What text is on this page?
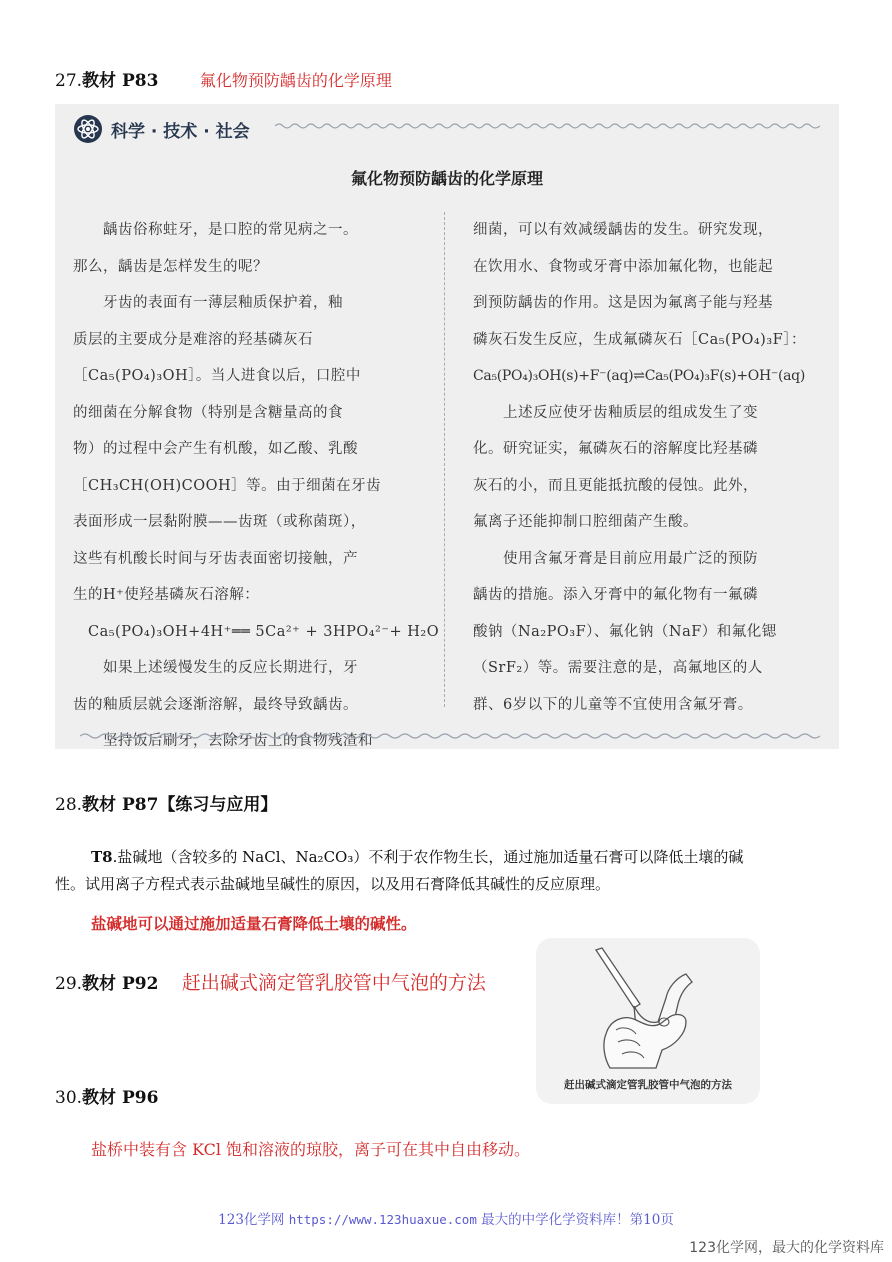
27.教材 P83	氟化物预防龋齿的化学原理
科学 · 技术 · 社会
氟化物预防龋齿的化学原理

　　龋齿俗称蛀牙，是口腔的常见病之一。

那么，龋齿是怎样发生的呢？

　　牙齿的表面有一薄层釉质保护着，釉

质层的主要成分是难溶的羟基磷灰石

［Ca₅(PO₄)₃OH］。当人进食以后，口腔中

的细菌在分解食物（特别是含糖量高的食

物）的过程中会产生有机酸，如乙酸、乳酸

［CH₃CH(OH)COOH］等。由于细菌在牙齿

表面形成一层黏附膜——齿斑（或称菌斑），

这些有机酸长时间与牙齿表面密切接触，产

生的H⁺使羟基磷灰石溶解：

　Ca₅(PO₄)₃OH+4H⁺══ 5Ca²⁺ + 3HPO₄²⁻+ H₂O

　　如果上述缓慢发生的反应长期进行，牙

齿的釉质层就会逐渐溶解，最终导致龋齿。

　　坚持饭后刷牙，去除牙齿上的食物残渣和

细菌，可以有效减缓龋齿的发生。研究发现，

在饮用水、食物或牙膏中添加氟化物，也能起

到预防龋齿的作用。这是因为氟离子能与羟基

磷灰石发生反应，生成氟磷灰石［Ca₅(PO₄)₃F］：

Ca₅(PO₄)₃OH(s)+F⁻(aq)⇌Ca₅(PO₄)₃F(s)+OH⁻(aq)

　　上述反应使牙齿釉质层的组成发生了变

化。研究证实，氟磷灰石的溶解度比羟基磷

灰石的小，而且更能抵抗酸的侵蚀。此外，

氟离子还能抑制口腔细菌产生酸。

　　使用含氟牙膏是目前应用最广泛的预防

龋齿的措施。添入牙膏中的氟化物有一氟磷

酸钠（Na₂PO₃F）、氟化钠（NaF）和氟化锶

（SrF₂）等。需要注意的是，高氟地区的人

群、6岁以下的儿童等不宜使用含氟牙膏。

28.教材 P87【练习与应用】
T8.盐碱地（含较多的 NaCl、Na₂CO₃）不利于农作物生长，通过施加适量石膏可以降低土壤的碱
性。试用离子方程式表示盐碱地呈碱性的原因，以及用石膏降低其碱性的反应原理。
盐碱地可以通过施加适量石膏降低土壤的碱性。
29.教材 P92 赶出碱式滴定管乳胶管中气泡的方法
赶出碱式滴定管乳胶管中气泡的方法
30.教材 P96
盐桥中装有含 KCl 饱和溶液的琼胶，离子可在其中自由移动。
123化学网 https://www.123huaxue.com 最大的中学化学资料库！第10页
123化学网，最大的化学资料库
